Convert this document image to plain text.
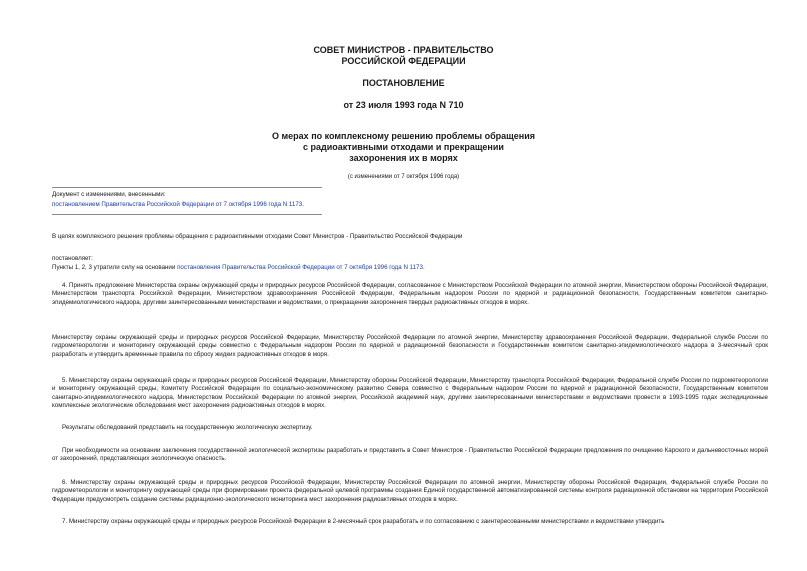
СОВЕТ МИНИСТРОВ - ПРАВИТЕЛЬСТВО
РОССИЙСКОЙ ФЕДЕРАЦИИ
ПОСТАНОВЛЕНИЕ
от 23 июля 1993 года N 710
О мерах по комплексному решению проблемы обращения
с радиоактивными отходами и прекращении
захоронения их в морях
(с изменениями от 7 октября 1996 года)
Документ с изменениями, внесенными:
постановлением Правительства Российской Федерации от 7 октября 1996 года N 1173.
В целях комплексного решения проблемы обращения с радиоактивными отходами Совет Министров - Правительство Российской Федерации
постановляет:
Пункты 1, 2, 3 утратили силу на основании постановления Правительства Российской Федерации от 7 октября 1996 года N 1173.
4. Принять предложение Министерства охраны окружающей среды и природных ресурсов Российской Федерации, согласованное с Министерством Российской Федерации по атомной энергии, Министерством обороны Российской Федерации, Министерством транспорта Российской Федерации, Министерством здравоохранения Российской Федерации, Федеральным надзором России по ядерной и радиационной безопасности, Государственным комитетом санитарно-эпидемиологического надзора, другими заинтересованными министерствами и ведомствами, о прекращении захоронения твердых радиоактивных отходов в морях.
Министерству охраны окружающей среды и природных ресурсов Российской Федерации, Министерству Российской Федерации по атомной энергии, Министерству здравоохранения Российской Федерации, Федеральной службе России по гидрометеорологии и мониторингу окружающей среды совместно с Федеральным надзором России по ядерной и радиационной безопасности и Государственным комитетом санитарно-эпидемиологического надзора в 3-месячный срок разработать и утвердить временные правила по сбросу жидких радиоактивных отходов в моря.
5. Министерству охраны окружающей среды и природных ресурсов Российской Федерации, Министерству обороны Российской Федерации, Министерству транспорта Российской Федерации, Федеральной службе России по гидрометеорологии и мониторингу окружающей среды, Комитету Российской Федерации по социально-экономическому развитию Севера совместно с Федеральным надзором России по ядерной и радиационной безопасности, Государственным комитетом санитарно-эпидемиологического надзора, Министерством Российской Федерации по атомной энергии, Российской академией наук, другими заинтересованными министерствами и ведомствами провести в 1993-1995 годах экспедиционные комплексные экологические обследования мест захоронения радиоактивных отходов в морях.
Результаты обследований представить на государственную экологическую экспертизу.
При необходимости на основании заключения государственной экологической экспертизы разработать и представить в Совет Министров - Правительство Российской Федерации предложения по очищению Карского и дальневосточных морей от захоронений, представляющих экологическую опасность.
6. Министерству охраны окружающей среды и природных ресурсов Российской Федерации, Министерству Российской Федерации по атомной энергии, Министерству обороны Российской Федерации, Федеральной службе России по гидрометеорологии и мониторингу окружающей среды при формировании проекта федеральной целевой программы создания Единой государственной автоматизированной системы контроля радиационной обстановки на территории Российской Федерации предусмотреть создание системы радиационно-экологического мониторинга мест захоронения радиоактивных отходов в морях.
7. Министерству охраны окружающей среды и природных ресурсов Российской Федерации в 2-месячный срок разработать и по согласованию с заинтересованными министерствами и ведомствами утвердить
